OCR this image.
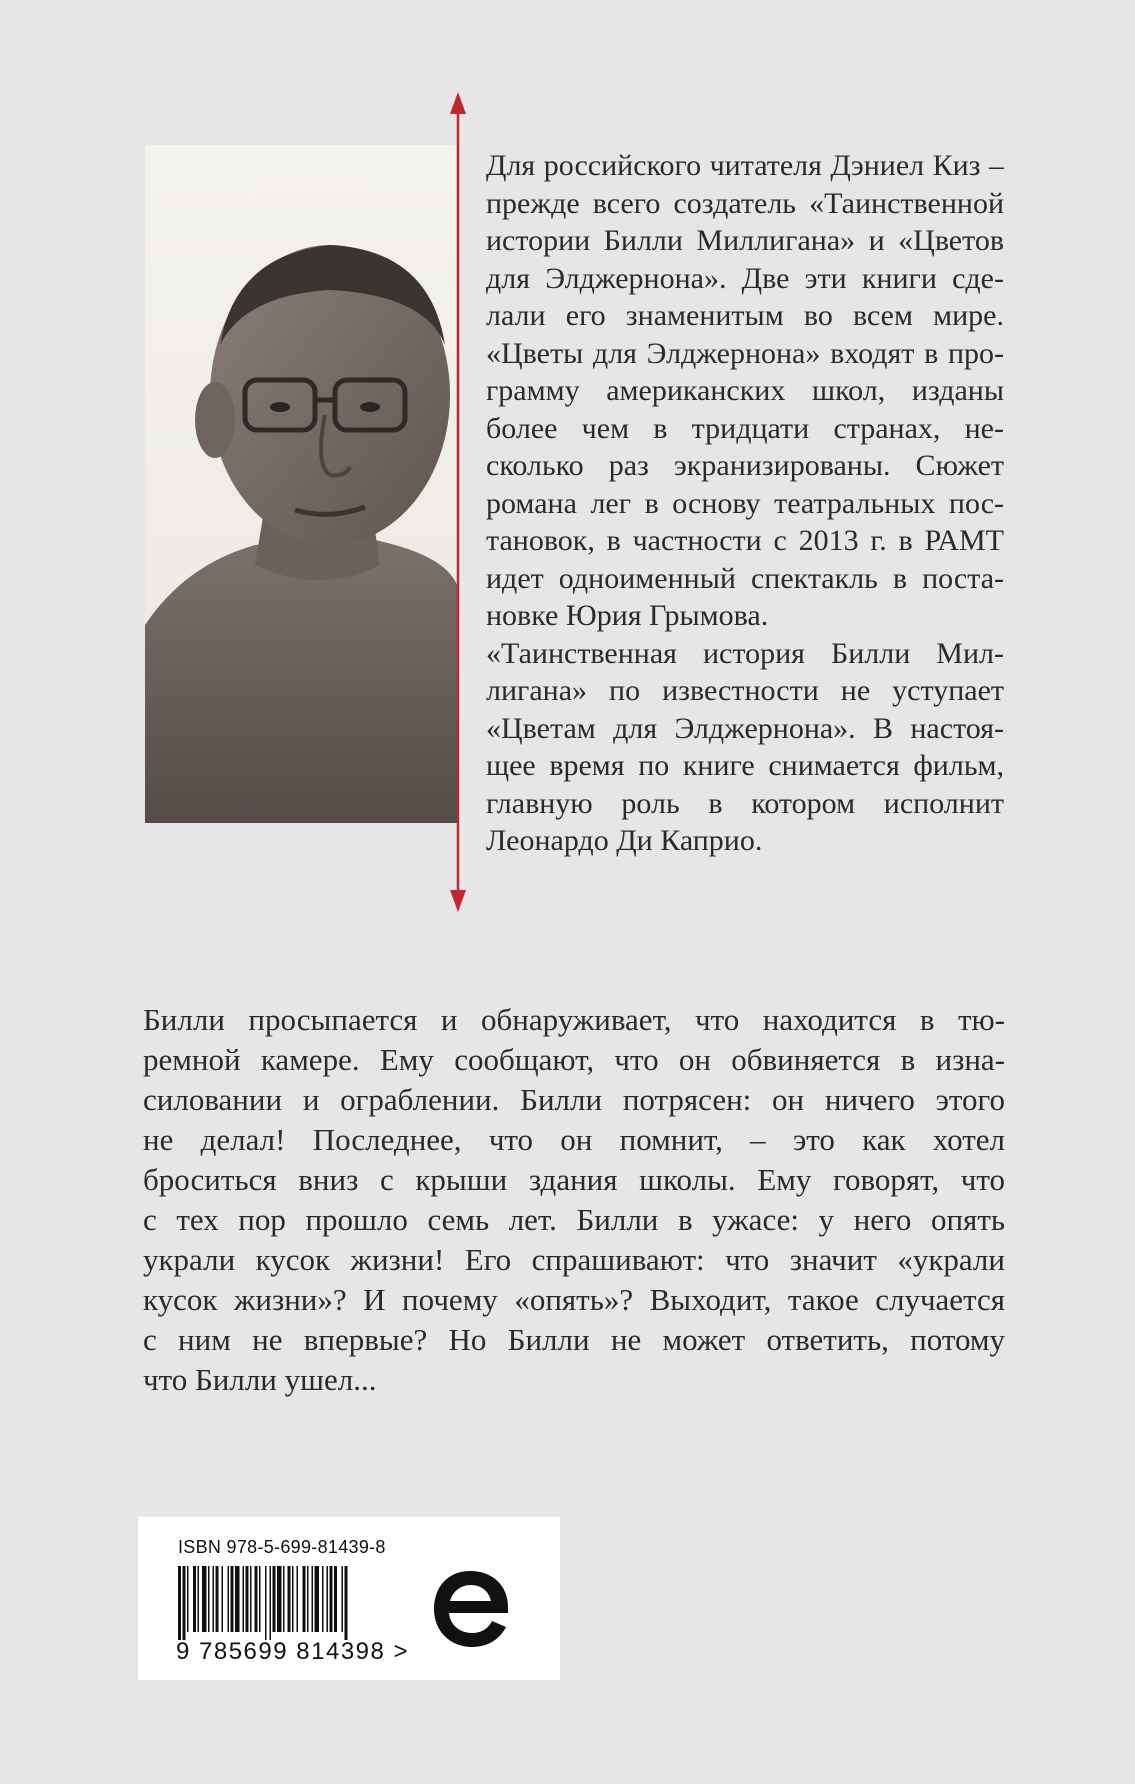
Для российского читателя Дэниел Киз –

прежде всего создатель «Таинственной

истории Билли Миллигана» и «Цветов

для Элджернона». Две эти книги сде-

лали его знаменитым во всем мире.

«Цветы для Элджернона» входят в про-

грамму американских школ, изданы

более чем в тридцати странах, не-

сколько раз экранизированы. Сюжет

романа лег в основу театральных пос-

тановок, в частности с 2013 г. в РАМТ

идет одноименный спектакль в поста-

новке Юрия Грымова.

«Таинственная история Билли Мил-

лигана» по известности не уступает

«Цветам для Элджернона». В настоя-

щее время по книге снимается фильм,

главную роль в котором исполнит

Леонардо Ди Каприо.

Билли просыпается и обнаруживает, что находится в тю-

ремной камере. Ему сообщают, что он обвиняется в изна-

силовании и ограблении. Билли потрясен: он ничего этого

не делал! Последнее, что он помнит, – это как хотел

броситься вниз с крыши здания школы. Ему говорят, что

с тех пор прошло семь лет. Билли в ужасе: у него опять

украли кусок жизни! Его спрашивают: что значит «украли

кусок жизни»? И почему «опять»? Выходит, такое случается

с ним не впервые? Но Билли не может ответить, потому

что Билли ушел...

ISBN 978-5-699-81439-8
9 785699 814398 >
